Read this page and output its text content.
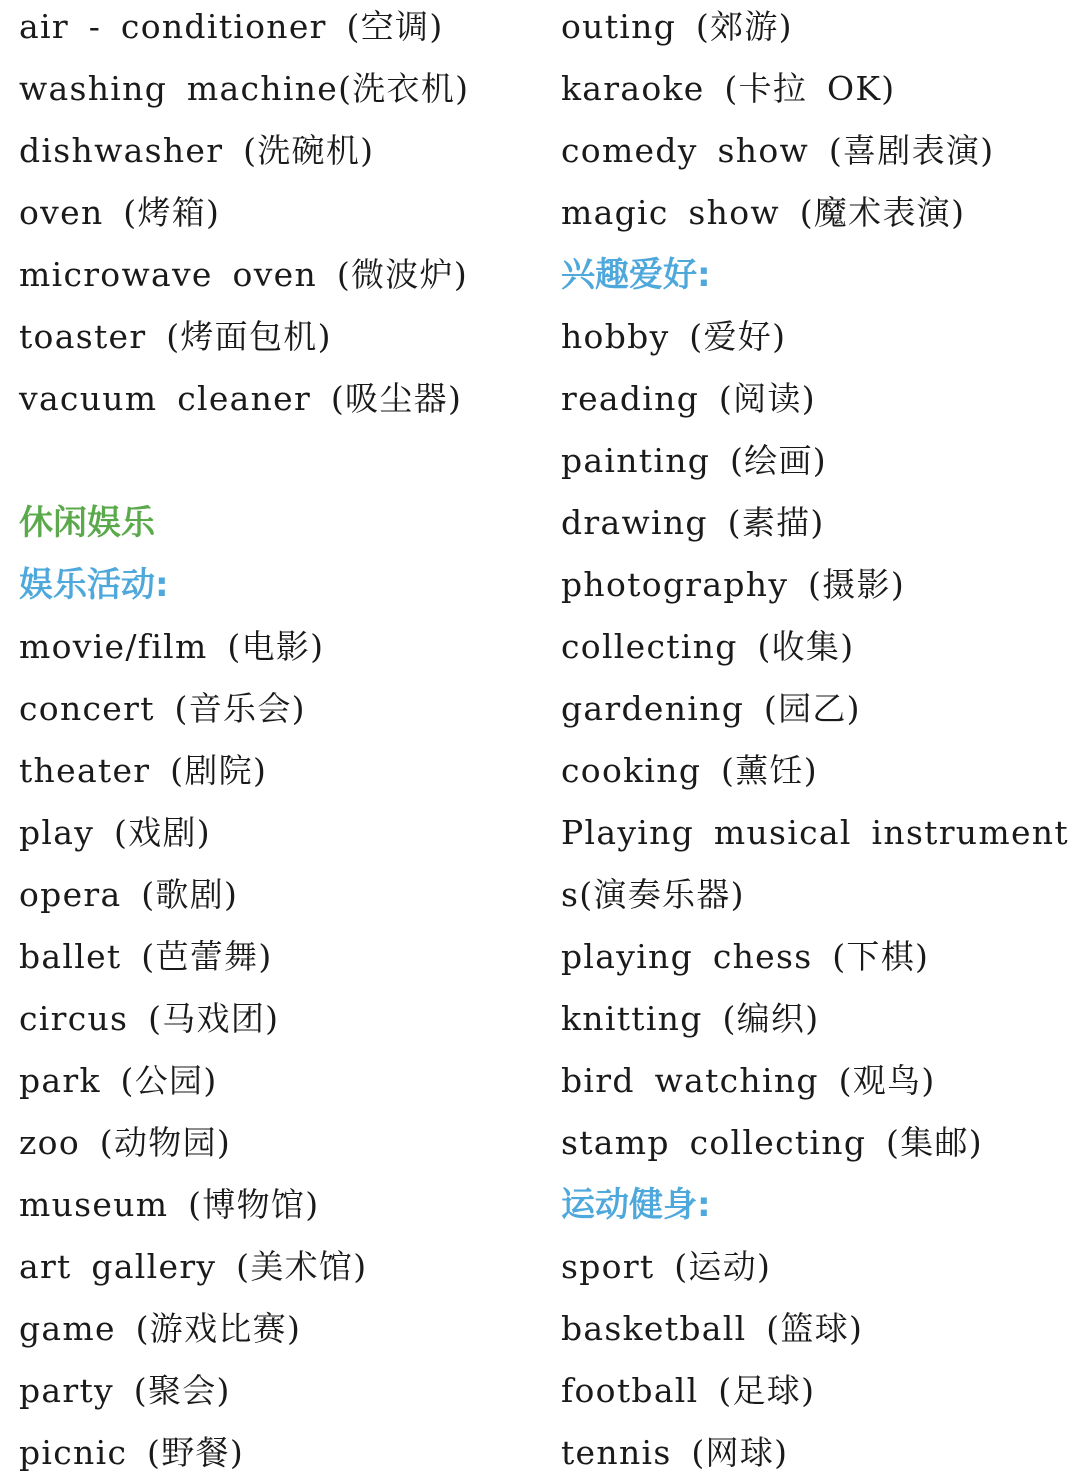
air - conditioner (空调)
washing machine(洗衣机)
dishwasher (洗碗机)
oven (烤箱)
microwave oven (微波炉)
toaster (烤面包机)
vacuum cleaner (吸尘器)
休闲娱乐
娱乐活动:
movie/film (电影)
concert (音乐会)
theater (剧院)
play (戏剧)
opera (歌剧)
ballet (芭蕾舞)
circus (马戏团)
park (公园)
zoo (动物园)
museum (博物馆)
art gallery (美术馆)
game (游戏比赛)
party (聚会)
picnic (野餐)
outing (郊游)
karaoke (卡拉 OK)
comedy show (喜剧表演)
magic show (魔术表演)
兴趣爱好:
hobby (爱好)
reading (阅读)
painting (绘画)
drawing (素描)
photography (摄影)
collecting (收集)
gardening (园乙)
cooking (薰饪)
Playing musical instrument
s(演奏乐器)
playing chess (下棋)
knitting (编织)
bird watching (观鸟)
stamp collecting (集邮)
运动健身:
sport (运动)
basketball (篮球)
football (足球)
tennis (网球)
